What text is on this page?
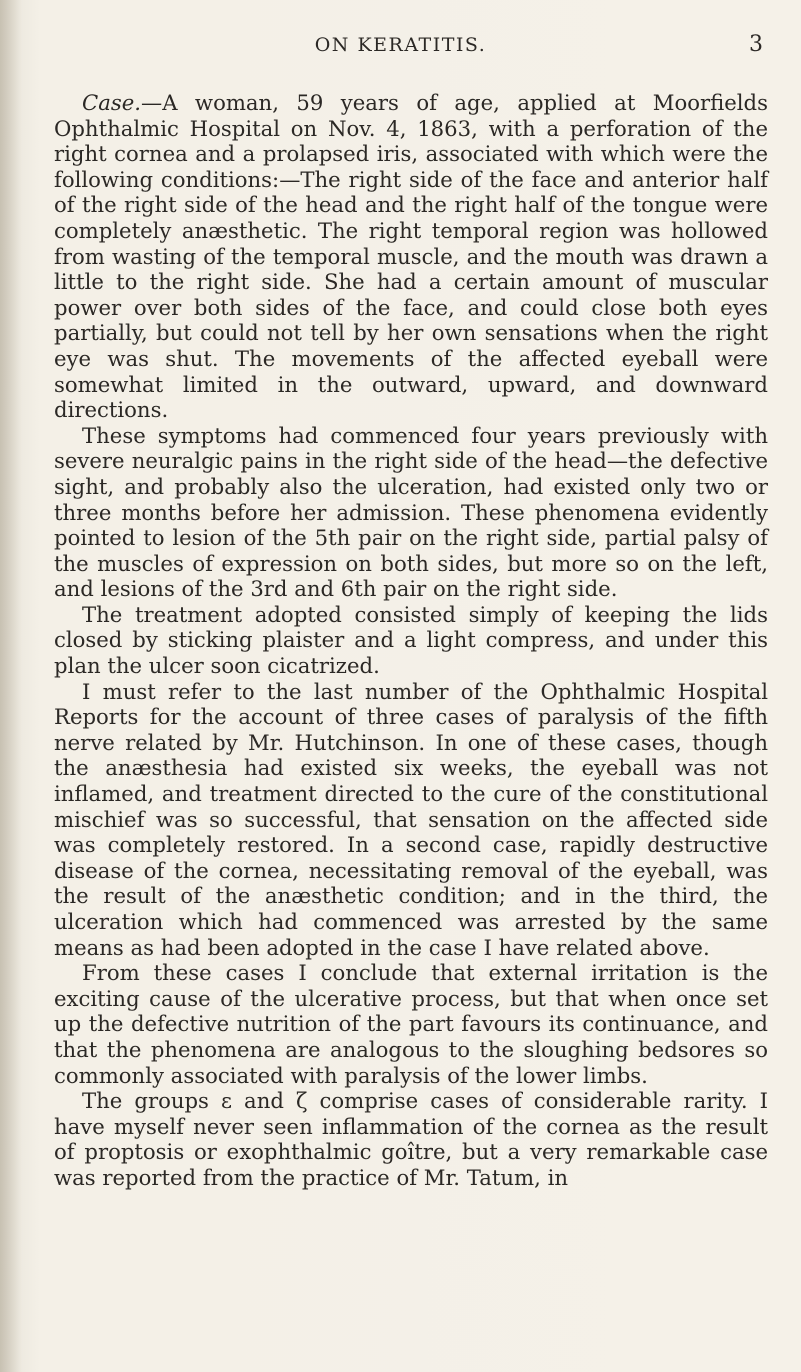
ON KERATITIS.	3

Case.—A woman, 59 years of age, applied at Moorfields Ophthalmic Hospital on Nov. 4, 1863, with a perforation of the right cornea and a prolapsed iris, associated with which were the following conditions:—The right side of the face and anterior half of the right side of the head and the right half of the tongue were completely anæsthetic. The right temporal region was hollowed from wasting of the temporal muscle, and the mouth was drawn a little to the right side. She had a certain amount of muscular power over both sides of the face, and could close both eyes partially, but could not tell by her own sensations when the right eye was shut. The movements of the affected eyeball were somewhat limited in the outward, upward, and downward directions.

These symptoms had commenced four years previously with severe neuralgic pains in the right side of the head—the defective sight, and probably also the ulceration, had existed only two or three months before her admission. These phenomena evidently pointed to lesion of the 5th pair on the right side, partial palsy of the muscles of expression on both sides, but more so on the left, and lesions of the 3rd and 6th pair on the right side.

The treatment adopted consisted simply of keeping the lids closed by sticking plaister and a light compress, and under this plan the ulcer soon cicatrized.

I must refer to the last number of the Ophthalmic Hospital Reports for the account of three cases of paralysis of the fifth nerve related by Mr. Hutchinson. In one of these cases, though the anæsthesia had existed six weeks, the eyeball was not inflamed, and treatment directed to the cure of the constitutional mischief was so successful, that sensation on the affected side was completely restored. In a second case, rapidly destructive disease of the cornea, necessitating removal of the eyeball, was the result of the anæsthetic condition; and in the third, the ulceration which had commenced was arrested by the same means as had been adopted in the case I have related above.

From these cases I conclude that external irritation is the exciting cause of the ulcerative process, but that when once set up the defective nutrition of the part favours its continuance, and that the phenomena are analogous to the sloughing bedsores so commonly associated with paralysis of the lower limbs.

The groups ε and ζ comprise cases of considerable rarity. I have myself never seen inflammation of the cornea as the result of proptosis or exophthalmic goître, but a very remarkable case was reported from the practice of Mr. Tatum, in
